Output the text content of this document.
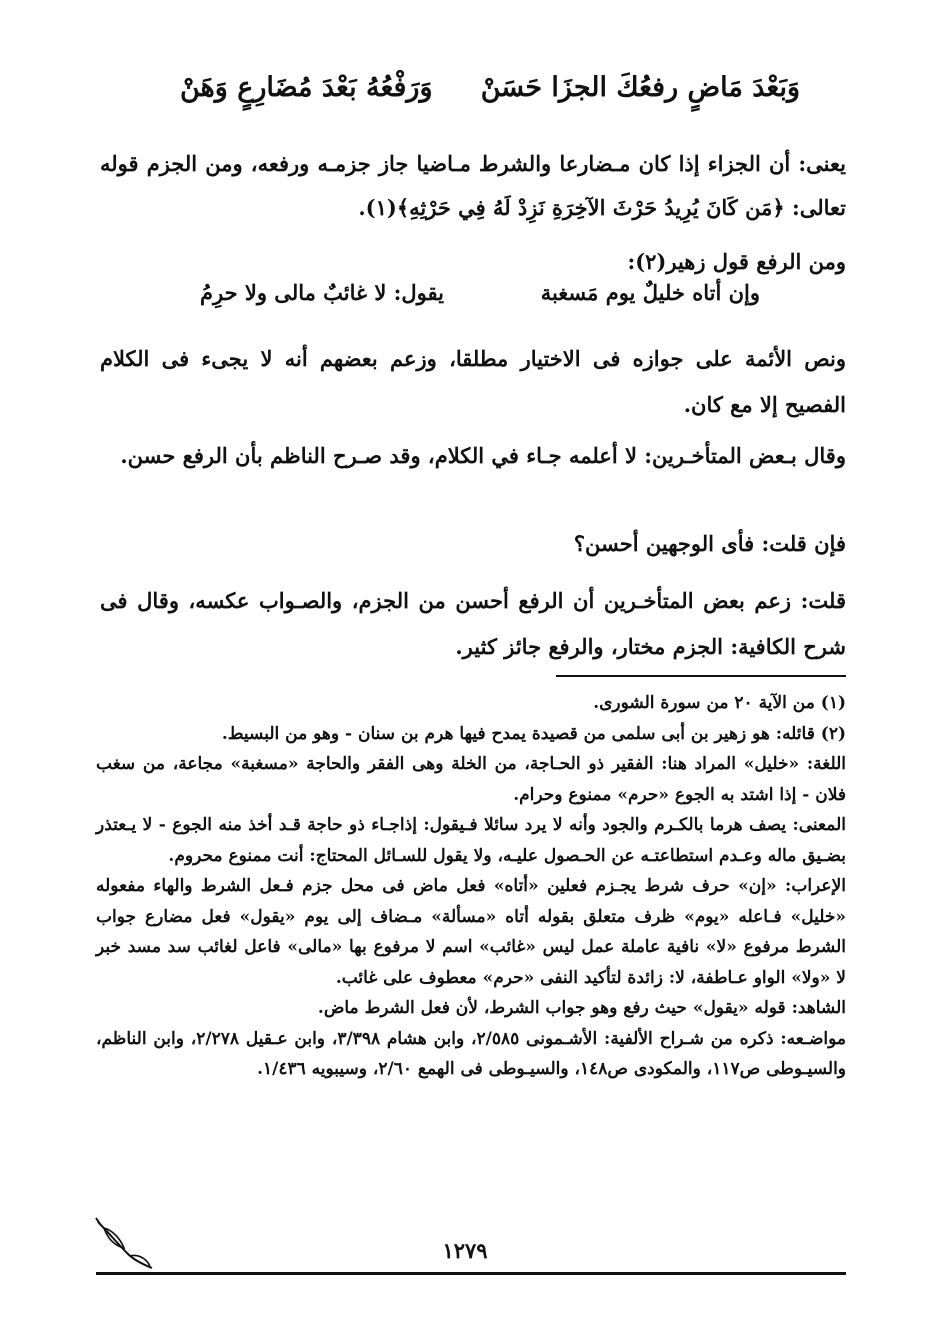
وَبَعْدَ مَاضٍ رفعُكَ الجزَا حَسَنْ
وَرَفْعُهُ بَعْدَ مُضَارِعٍ وَهَنْ

يعنى: أن الجزاء إذا كان مـضارعا والشرط مـاضيا جاز جزمـه ورفعه، ومن الجزم قوله تعالى: ﴿مَن كَانَ يُرِيدُ حَرْثَ الآخِرَةِ نَزِدْ لَهُ فِي حَرْثِهِ﴾(١).

ومن الرفع قول زهير(٢):

وإن أتاه خليلٌ يوم مَسغبة
يقول: لا غائبٌ مالى ولا حرِمُ

ونص الأئمة على جوازه فى الاختيار مطلقا، وزعم بعضهم أنه لا يجىء فى الكلام الفصيح إلا مع كان.

وقال بـعض المتأخـرين: لا أعلمه جـاء في الكلام، وقد صـرح الناظم بأن الرفع حسن.

فإن قلت: فأى الوجهين أحسن؟

قلت: زعم بعض المتأخـرين أن الرفع أحسن من الجزم، والصـواب عكسه، وقال فى شرح الكافية: الجزم مختار، والرفع جائز كثير.

(١) من الآية ٢٠ من سورة الشورى.

(٢) قائله: هو زهير بن أبى سلمى من قصيدة يمدح فيها هرم بن سنان - وهو من البسيط.

اللغة: «خليل» المراد هنا: الفقير ذو الحـاجة، من الخلة وهى الفقر والحاجة «مسغبة» مجاعة، من سغب فلان - إذا اشتد به الجوع «حرم» ممنوع وحرام.

المعنى: يصف هرما بالكـرم والجود وأنه لا يرد سائلا فـيقول: إذاجـاء ذو حاجة قـد أخذ منه الجوع - لا يـعتذر بضـيق ماله وعـدم استطاعتـه عن الحـصول عليـه، ولا يقول للسـائل المحتاج: أنت ممنوع محروم.

الإعراب: «إن» حرف شرط يجـزم فعلين «أتاه» فعل ماض فى محل جزم فـعل الشرط والهاء مفعوله «خليل» فـاعله «يوم» ظرف متعلق بقوله أتاه «مسألة» مـضاف إلى يوم «يقول» فعل مضارع جواب الشرط مرفوع «لا» نافية عاملة عمل ليس «غائب» اسم لا مرفوع بها «مالى» فاعل لغائب سد مسد خبر لا «ولا» الواو عـاطفة، لا: زائدة لتأكيد النفى «حرم» معطوف على غائب.

الشاهد: قوله «يقول» حيث رفع وهو جواب الشرط، لأن فعل الشرط ماض.

مواضـعه: ذكره من شـراح الألفية: الأشـمونى ٢/٥٨٥، وابن هشام ٣/٣٩٨، وابن عـقيل ٢/٢٧٨، وابن الناظم، والسيـوطى ص١١٧، والمكودى ص١٤٨، والسيـوطى فى الهمع ٢/٦٠، وسيبويه ١/٤٣٦.

١٢٧٩
